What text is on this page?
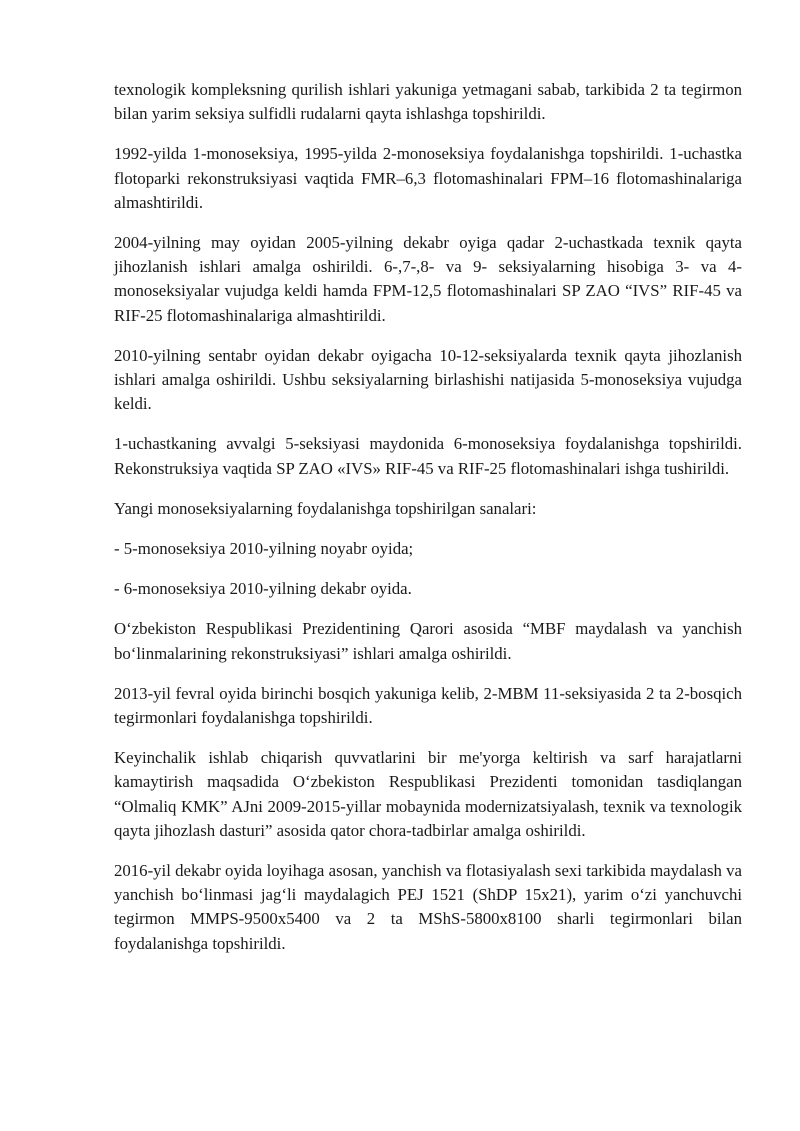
texnologik kompleksning qurilish ishlari yakuniga yetmagani sabab, tarkibida 2 ta tegirmon bilan yarim seksiya sulfidli rudalarni qayta ishlashga topshirildi.

1992-yilda 1-monoseksiya, 1995-yilda 2-monoseksiya foydalanishga topshirildi. 1-uchastka flotoparki rekonstruksiyasi vaqtida FMR–6,3 flotomashinalari FPM–16 flotomashinalariga almashtirildi.

2004-yilning may oyidan 2005-yilning dekabr oyiga qadar 2-uchastkada texnik qayta jihozlanish ishlari amalga oshirildi. 6-,7-,8- va 9- seksiyalarning hisobiga 3- va 4-monoseksiyalar vujudga keldi hamda FPM-12,5 flotomashinalari SP ZAO “IVS” RIF-45 va RIF-25 flotomashinalariga almashtirildi.

2010-yilning sentabr oyidan dekabr oyigacha 10-12-seksiyalarda texnik qayta jihozlanish ishlari amalga oshirildi. Ushbu seksiyalarning birlashishi natijasida 5-monoseksiya vujudga keldi.

1-uchastkaning avvalgi 5-seksiyasi maydonida 6-monoseksiya foydalanishga topshirildi. Rekonstruksiya vaqtida SP ZAO «IVS» RIF-45 va RIF-25 flotomashinalari ishga tushirildi.

Yangi monoseksiyalarning foydalanishga topshirilgan sanalari:

- 5-monoseksiya 2010-yilning noyabr oyida;

- 6-monoseksiya 2010-yilning dekabr oyida.

O‘zbekiston Respublikasi Prezidentining Qarori asosida “MBF maydalash va yanchish bo‘linmalarining rekonstruksiyasi” ishlari amalga oshirildi.

2013-yil fevral oyida birinchi bosqich yakuniga kelib, 2-MBM 11-seksiyasida 2 ta 2-bosqich tegirmonlari foydalanishga topshirildi.

Keyinchalik ishlab chiqarish quvvatlarini bir me'yorga keltirish va sarf harajatlarni kamaytirish maqsadida O‘zbekiston Respublikasi Prezidenti tomonidan tasdiqlangan “Olmaliq KMK” AJni 2009-2015-yillar mobaynida modernizatsiyalash, texnik va texnologik qayta jihozlash dasturi” asosida qator chora-tadbirlar amalga oshirildi.

2016-yil dekabr oyida loyihaga asosan, yanchish va flotasiyalash sexi tarkibida maydalash va yanchish bo‘linmasi jag‘li maydalagich PEJ 1521 (ShDP 15x21), yarim o‘zi yanchuvchi tegirmon MMPS-9500x5400 va 2 ta MShS-5800x8100 sharli tegirmonlari bilan foydalanishga topshirildi.
